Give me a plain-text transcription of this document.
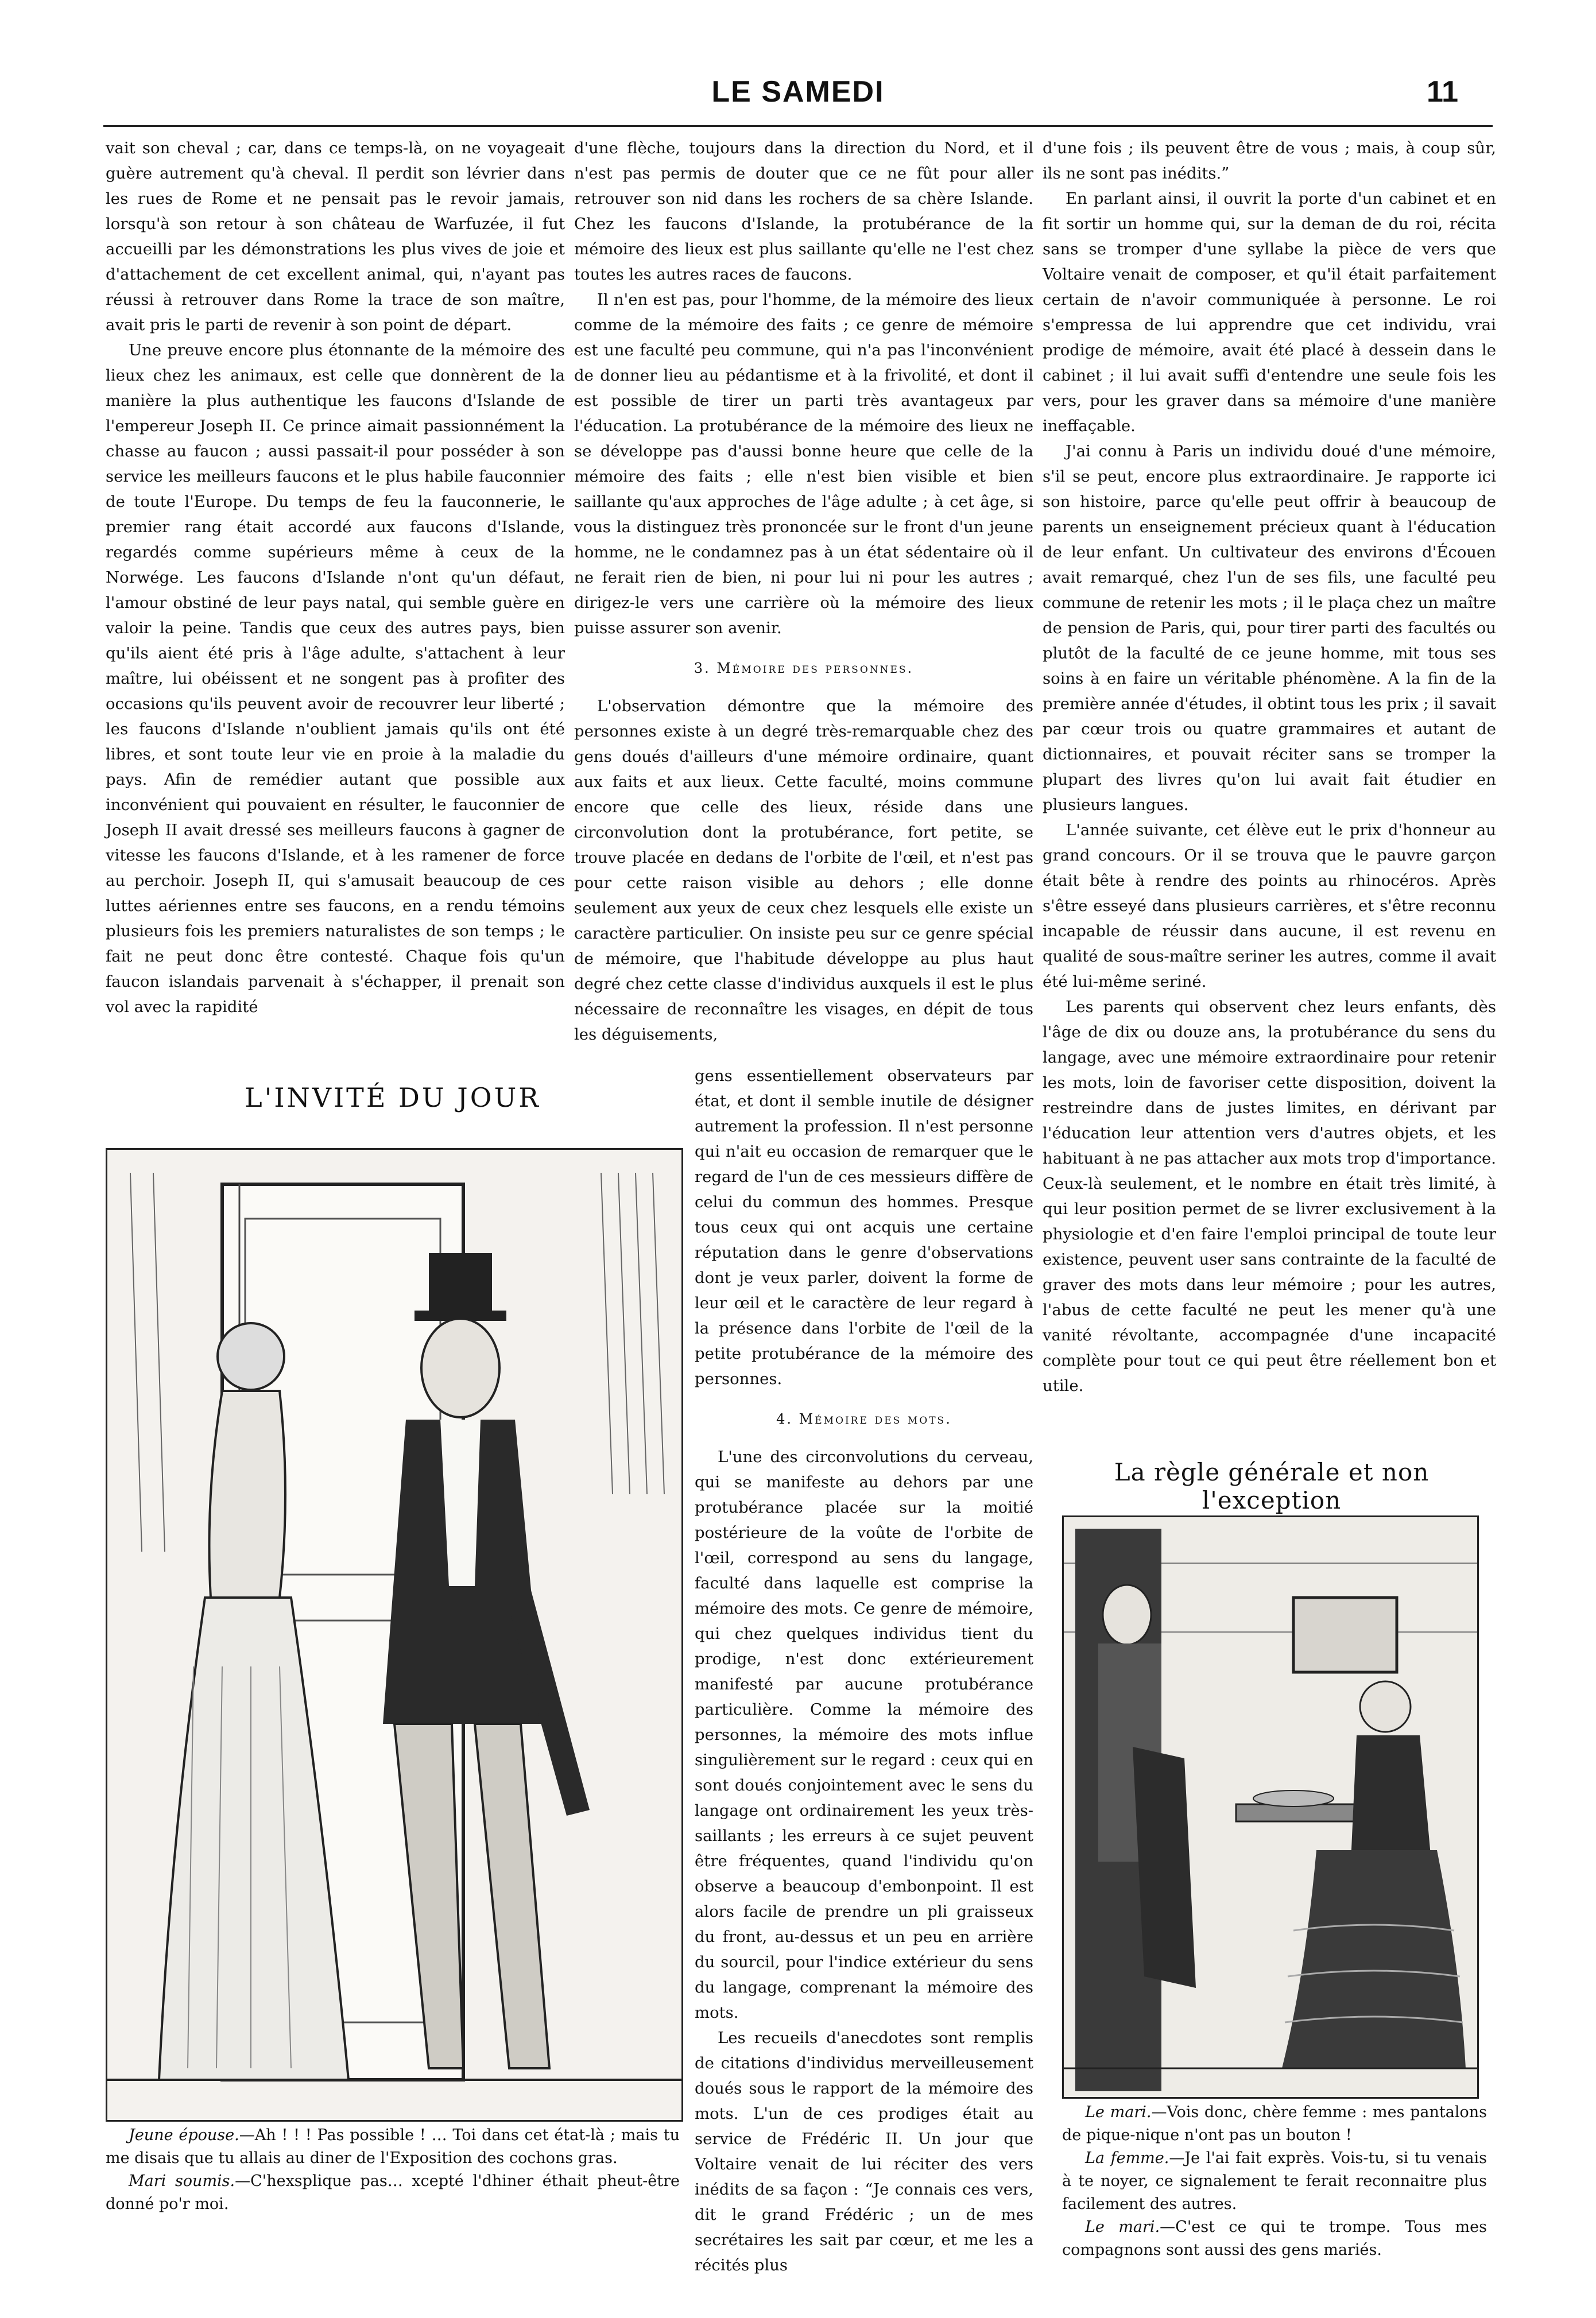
LE SAMEDI	11

vait son cheval ; car, dans ce temps-là, on ne voyageait guère autrement qu'à cheval. Il perdit son lévrier dans les rues de Rome et ne pensait pas le revoir jamais, lorsqu'à son retour à son château de Warfuzée, il fut accueilli par les démonstrations les plus vives de joie et d'attachement de cet excellent animal, qui, n'ayant pas réussi à retrouver dans Rome la trace de son maître, avait pris le parti de revenir à son point de départ.

Une preuve encore plus étonnante de la mémoire des lieux chez les animaux, est celle que donnèrent de la manière la plus authentique les faucons d'Islande de l'empereur Joseph II. Ce prince aimait passionnément la chasse au faucon ; aussi passait-il pour posséder à son service les meilleurs faucons et le plus habile fauconnier de toute l'Europe. Du temps de feu la fauconnerie, le premier rang était accordé aux faucons d'Islande, regardés comme supérieurs même à ceux de la Norwége. Les faucons d'Islande n'ont qu'un défaut, l'amour obstiné de leur pays natal, qui semble guère en valoir la peine. Tandis que ceux des autres pays, bien qu'ils aient été pris à l'âge adulte, s'attachent à leur maître, lui obéissent et ne songent pas à profiter des occasions qu'ils peuvent avoir de recouvrer leur liberté ; les faucons d'Islande n'oublient jamais qu'ils ont été libres, et sont toute leur vie en proie à la maladie du pays. Afin de remédier autant que possible aux inconvénient qui pouvaient en résulter, le fauconnier de Joseph II avait dressé ses meilleurs faucons à gagner de vitesse les faucons d'Islande, et à les ramener de force au perchoir. Joseph II, qui s'amusait beaucoup de ces luttes aériennes entre ses faucons, en a rendu témoins plusieurs fois les premiers naturalistes de son temps ; le fait ne peut donc être contesté. Chaque fois qu'un faucon islandais parvenait à s'échapper, il prenait son vol avec la rapidité

d'une flèche, toujours dans la direction du Nord, et il n'est pas permis de douter que ce ne fût pour aller retrouver son nid dans les rochers de sa chère Islande. Chez les faucons d'Islande, la protubérance de la mémoire des lieux est plus saillante qu'elle ne l'est chez toutes les autres races de faucons.

Il n'en est pas, pour l'homme, de la mémoire des lieux comme de la mémoire des faits ; ce genre de mémoire est une faculté peu commune, qui n'a pas l'inconvénient de donner lieu au pédantisme et à la frivolité, et dont il est possible de tirer un parti très avantageux par l'éducation. La protubérance de la mémoire des lieux ne se développe pas d'aussi bonne heure que celle de la mémoire des faits ; elle n'est bien visible et bien saillante qu'aux approches de l'âge adulte ; à cet âge, si vous la distinguez très prononcée sur le front d'un jeune homme, ne le condamnez pas à un état sédentaire où il ne ferait rien de bien, ni pour lui ni pour les autres ; dirigez-le vers une carrière où la mémoire des lieux puisse assurer son avenir.

3. Mémoire des personnes.

L'observation démontre que la mémoire des personnes existe à un degré très-remarquable chez des gens doués d'ailleurs d'une mémoire ordinaire, quant aux faits et aux lieux. Cette faculté, moins commune encore que celle des lieux, réside dans une circonvolution dont la protubérance, fort petite, se trouve placée en dedans de l'orbite de l'œil, et n'est pas pour cette raison visible au dehors ; elle donne seulement aux yeux de ceux chez lesquels elle existe un caractère particulier. On insiste peu sur ce genre spécial de mémoire, que l'habitude développe au plus haut degré chez cette classe d'individus auxquels il est le plus nécessaire de reconnaître les visages, en dépit de tous les déguisements,

gens essentiellement observateurs par état, et dont il semble inutile de désigner autrement la profession. Il n'est personne qui n'ait eu occasion de remarquer que le regard de l'un de ces messieurs diffère de celui du commun des hommes. Presque tous ceux qui ont acquis une certaine réputation dans le genre d'observations dont je veux parler, doivent la forme de leur œil et le caractère de leur regard à la présence dans l'orbite de l'œil de la petite protubérance de la mémoire des personnes.

4. Mémoire des mots.

L'une des circonvolutions du cerveau, qui se manifeste au dehors par une protubérance placée sur la moitié postérieure de la voûte de l'orbite de l'œil, correspond au sens du langage, faculté dans laquelle est comprise la mémoire des mots. Ce genre de mémoire, qui chez quelques individus tient du prodige, n'est donc extérieurement manifesté par aucune protubérance particulière. Comme la mémoire des personnes, la mémoire des mots influe singulièrement sur le regard : ceux qui en sont doués conjointement avec le sens du langage ont ordinairement les yeux très-saillants ; les erreurs à ce sujet peuvent être fréquentes, quand l'individu qu'on observe a beaucoup d'embonpoint. Il est alors facile de prendre un pli graisseux du front, au-dessus et un peu en arrière du sourcil, pour l'indice extérieur du sens du langage, comprenant la mémoire des mots.

Les recueils d'anecdotes sont remplis de citations d'individus merveilleusement doués sous le rapport de la mémoire des mots. L'un de ces prodiges était au service de Frédéric II. Un jour que Voltaire venait de lui réciter des vers inédits de sa façon : “Je connais ces vers, dit le grand Frédéric ; un de mes secrétaires les sait par cœur, et me les a récités plus

d'une fois ; ils peuvent être de vous ; mais, à coup sûr, ils ne sont pas inédits.”

En parlant ainsi, il ouvrit la porte d'un cabinet et en fit sortir un homme qui, sur la deman de du roi, récita sans se tromper d'une syllabe la pièce de vers que Voltaire venait de composer, et qu'il était parfaitement certain de n'avoir communiquée à personne. Le roi s'empressa de lui apprendre que cet individu, vrai prodige de mémoire, avait été placé à dessein dans le cabinet ; il lui avait suffi d'entendre une seule fois les vers, pour les graver dans sa mémoire d'une manière ineffaçable.

J'ai connu à Paris un individu doué d'une mémoire, s'il se peut, encore plus extraordinaire. Je rapporte ici son histoire, parce qu'elle peut offrir à beaucoup de parents un enseignement précieux quant à l'éducation de leur enfant. Un cultivateur des environs d'Écouen avait remarqué, chez l'un de ses fils, une faculté peu commune de retenir les mots ; il le plaça chez un maître de pension de Paris, qui, pour tirer parti des facultés ou plutôt de la faculté de ce jeune homme, mit tous ses soins à en faire un véritable phénomène. A la fin de la première année d'études, il obtint tous les prix ; il savait par cœur trois ou quatre grammaires et autant de dictionnaires, et pouvait réciter sans se tromper la plupart des livres qu'on lui avait fait étudier en plusieurs langues.

L'année suivante, cet élève eut le prix d'honneur au grand concours. Or il se trouva que le pauvre garçon était bête à rendre des points au rhinocéros. Après s'être esseyé dans plusieurs carrières, et s'être reconnu incapable de réussir dans aucune, il est revenu en qualité de sous-maître seriner les autres, comme il avait été lui-même seriné.

Les parents qui observent chez leurs enfants, dès l'âge de dix ou douze ans, la protubérance du sens du langage, avec une mémoire extraordinaire pour retenir les mots, loin de favoriser cette disposition, doivent la restreindre dans de justes limites, en dérivant par l'éducation leur attention vers d'autres objets, et les habituant à ne pas attacher aux mots trop d'importance. Ceux-là seulement, et le nombre en était très limité, à qui leur position permet de se livrer exclusivement à la physiologie et d'en faire l'emploi principal de toute leur existence, peuvent user sans contrainte de la faculté de graver des mots dans leur mémoire ; pour les autres, l'abus de cette faculté ne peut les mener qu'à une vanité révoltante, accompagnée d'une incapacité complète pour tout ce qui peut être réellement bon et utile.

L'INVITÉ DU JOUR

Jeune épouse.—Ah ! ! ! Pas possible ! … Toi dans cet état-là ; mais tu me disais que tu allais au diner de l'Exposition des cochons gras.

Mari soumis.—C'hexsplique pas… xcepté l'dhiner éthait pheut-être donné po'r moi.

La règle générale et non l'exception

Le mari.—Vois donc, chère femme : mes pantalons de pique-nique n'ont pas un bouton !

La femme.—Je l'ai fait exprès. Vois-tu, si tu venais à te noyer, ce signalement te ferait reconnaitre plus facilement des autres.

Le mari.—C'est ce qui te trompe. Tous mes compagnons sont aussi des gens mariés.
